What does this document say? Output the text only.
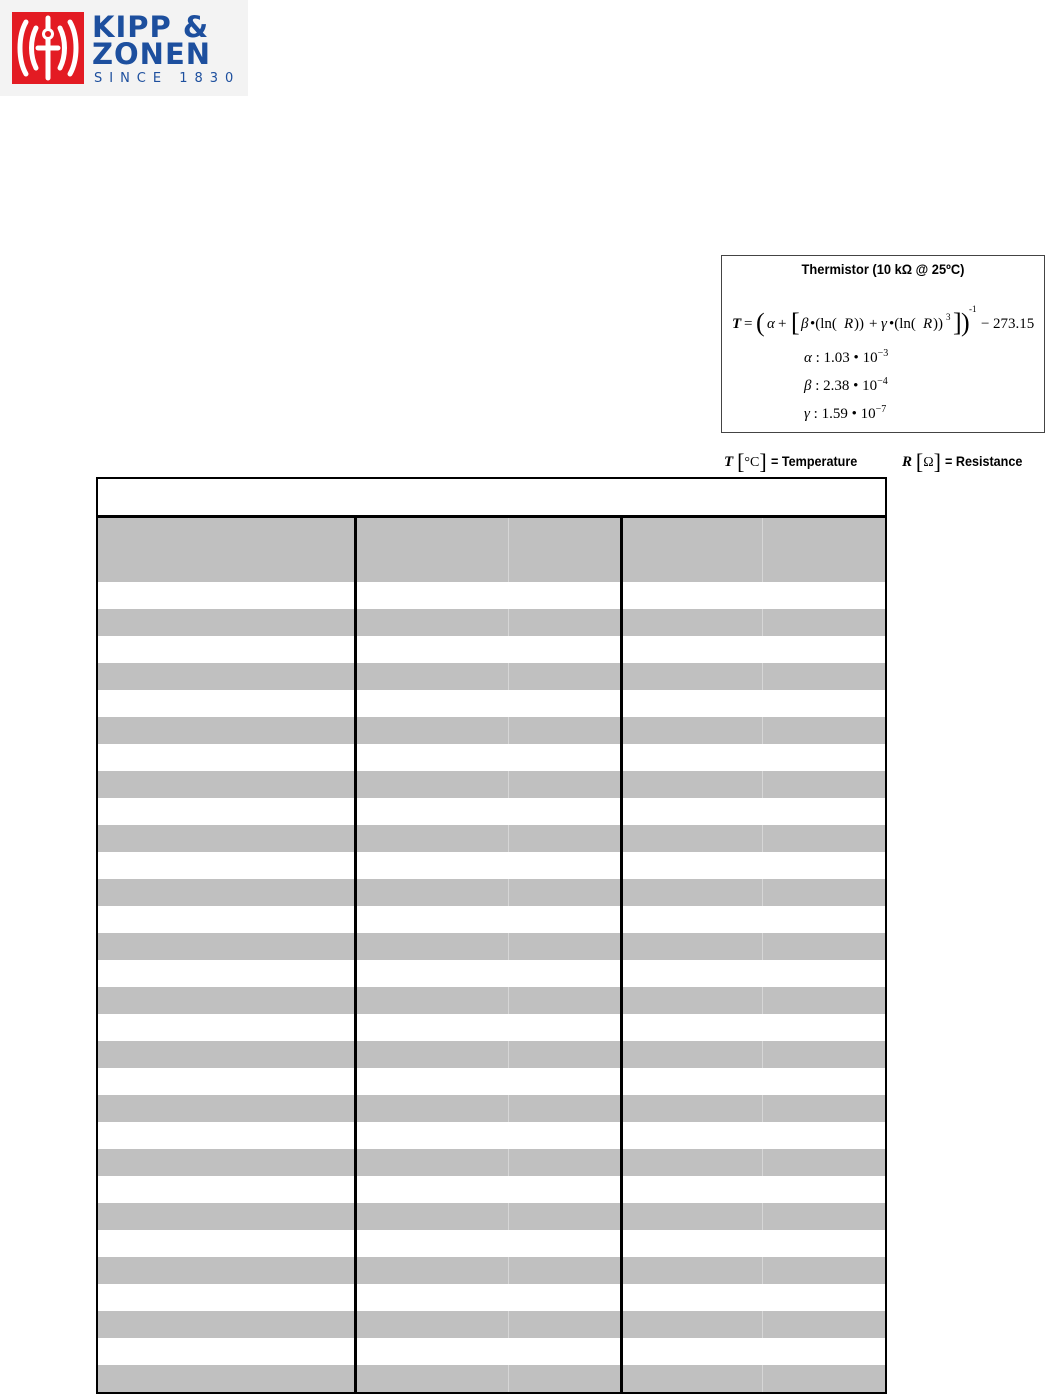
KIPP &
ZONEN
SINCE 1830
Thermistor (10 kΩ @ 25ºC)
T = ( α + [ β •(ln( R )) + γ •(ln( R )) 3 ] ) -1
− 273.15
α : 1.03 • $10^{-3}$
β : 2.38 • $10^{-4}$
γ : 1.59 • $10^{-7}$
T [°C] = Temperature	R [Ω] = Resistance
